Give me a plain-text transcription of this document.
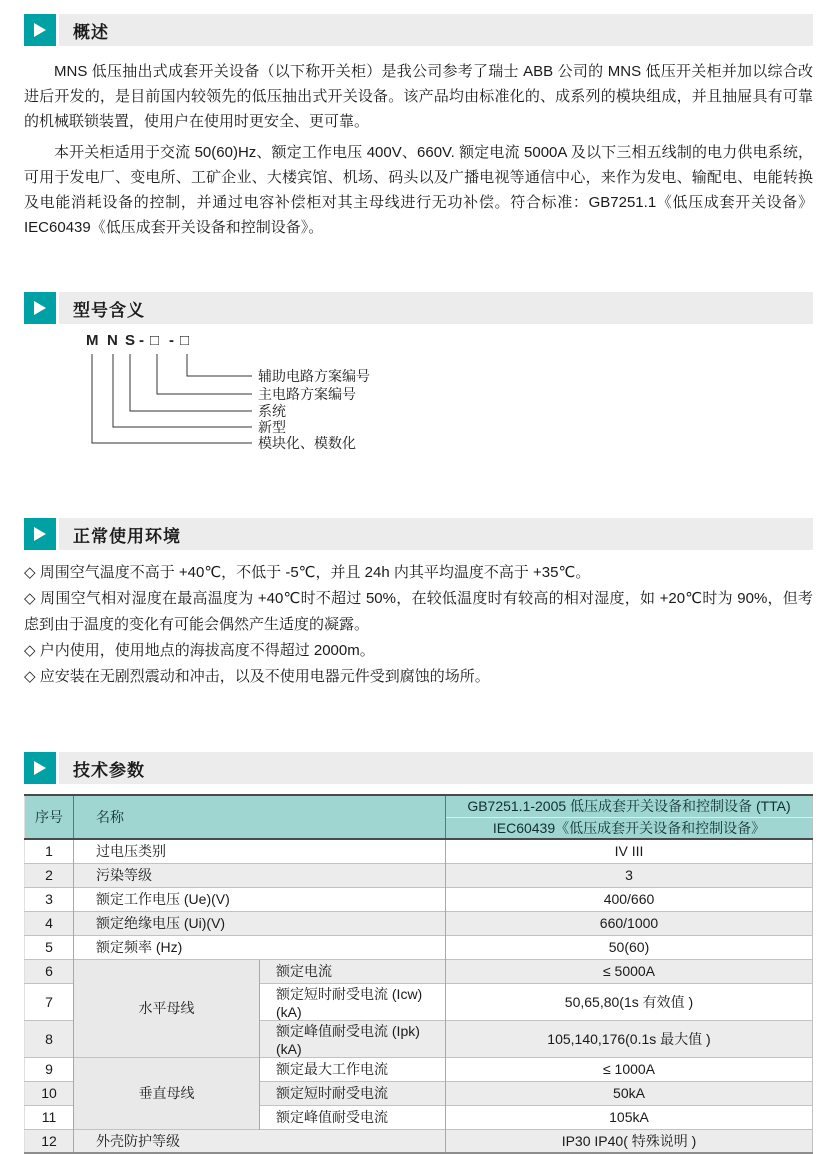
概述

MNS 低压抽出式成套开关设备（以下称开关柜）是我公司参考了瑞士 ABB 公司的 MNS 低压开关柜并加以综合改进后开发的，是目前国内较领先的低压抽出式开关设备。该产品均由标准化的、成系列的模块组成，并且抽屉具有可靠的机械联锁装置，使用户在使用时更安全、更可靠。

本开关柜适用于交流 50(60)Hz、额定工作电压 400V、660V. 额定电流 5000A 及以下三相五线制的电力供电系统，可用于发电厂、变电所、工矿企业、大楼宾馆、机场、码头以及广播电视等通信中心，来作为发电、输配电、电能转换及电能消耗设备的控制，并通过电容补偿柜对其主母线进行无功补偿。符合标准：GB7251.1《低压成套开关设备》IEC60439《低压成套开关设备和控制设备》。

型号含义
M N S - □ - □
辅助电路方案编号
主电路方案编号
系统
新型
模块化、模数化
正常使用环境

◇ 周围空气温度不高于 +40℃，不低于 -5℃，并且 24h 内其平均温度不高于 +35℃。

◇ 周围空气相对湿度在最高温度为 +40℃时不超过 50%，在较低温度时有较高的相对湿度，如 +20℃时为 90%，但考虑到由于温度的变化有可能会偶然产生适度的凝露。

◇ 户内使用，使用地点的海拔高度不得超过 2000m。

◇ 应安装在无剧烈震动和冲击，以及不使用电器元件受到腐蚀的场所。

技术参数
序号	名称		GB7251.1-2005 低压成套开关设备和控制设备 (TTA)
			IEC60439《低压成套开关设备和控制设备》
1	过电压类别		IV III
2	污染等级		3
3	额定工作电压 (Ue)(V)		400/660
4	额定绝缘电压 (Ui)(V)		660/1000
5	额定频率 (Hz)		50(60)
6	水平母线	额定电流	≤ 5000A
7		额定短时耐受电流 (Icw)(kA)	50,65,80(1s 有效值 )
8		额定峰值耐受电流 (Ipk)(kA)	105,140,176(0.1s 最大值 )
9	垂直母线	额定最大工作电流	≤ 1000A
10		额定短时耐受电流	50kA
11		额定峰值耐受电流	105kA
12	外壳防护等级		IP30 IP40( 特殊说明 )
